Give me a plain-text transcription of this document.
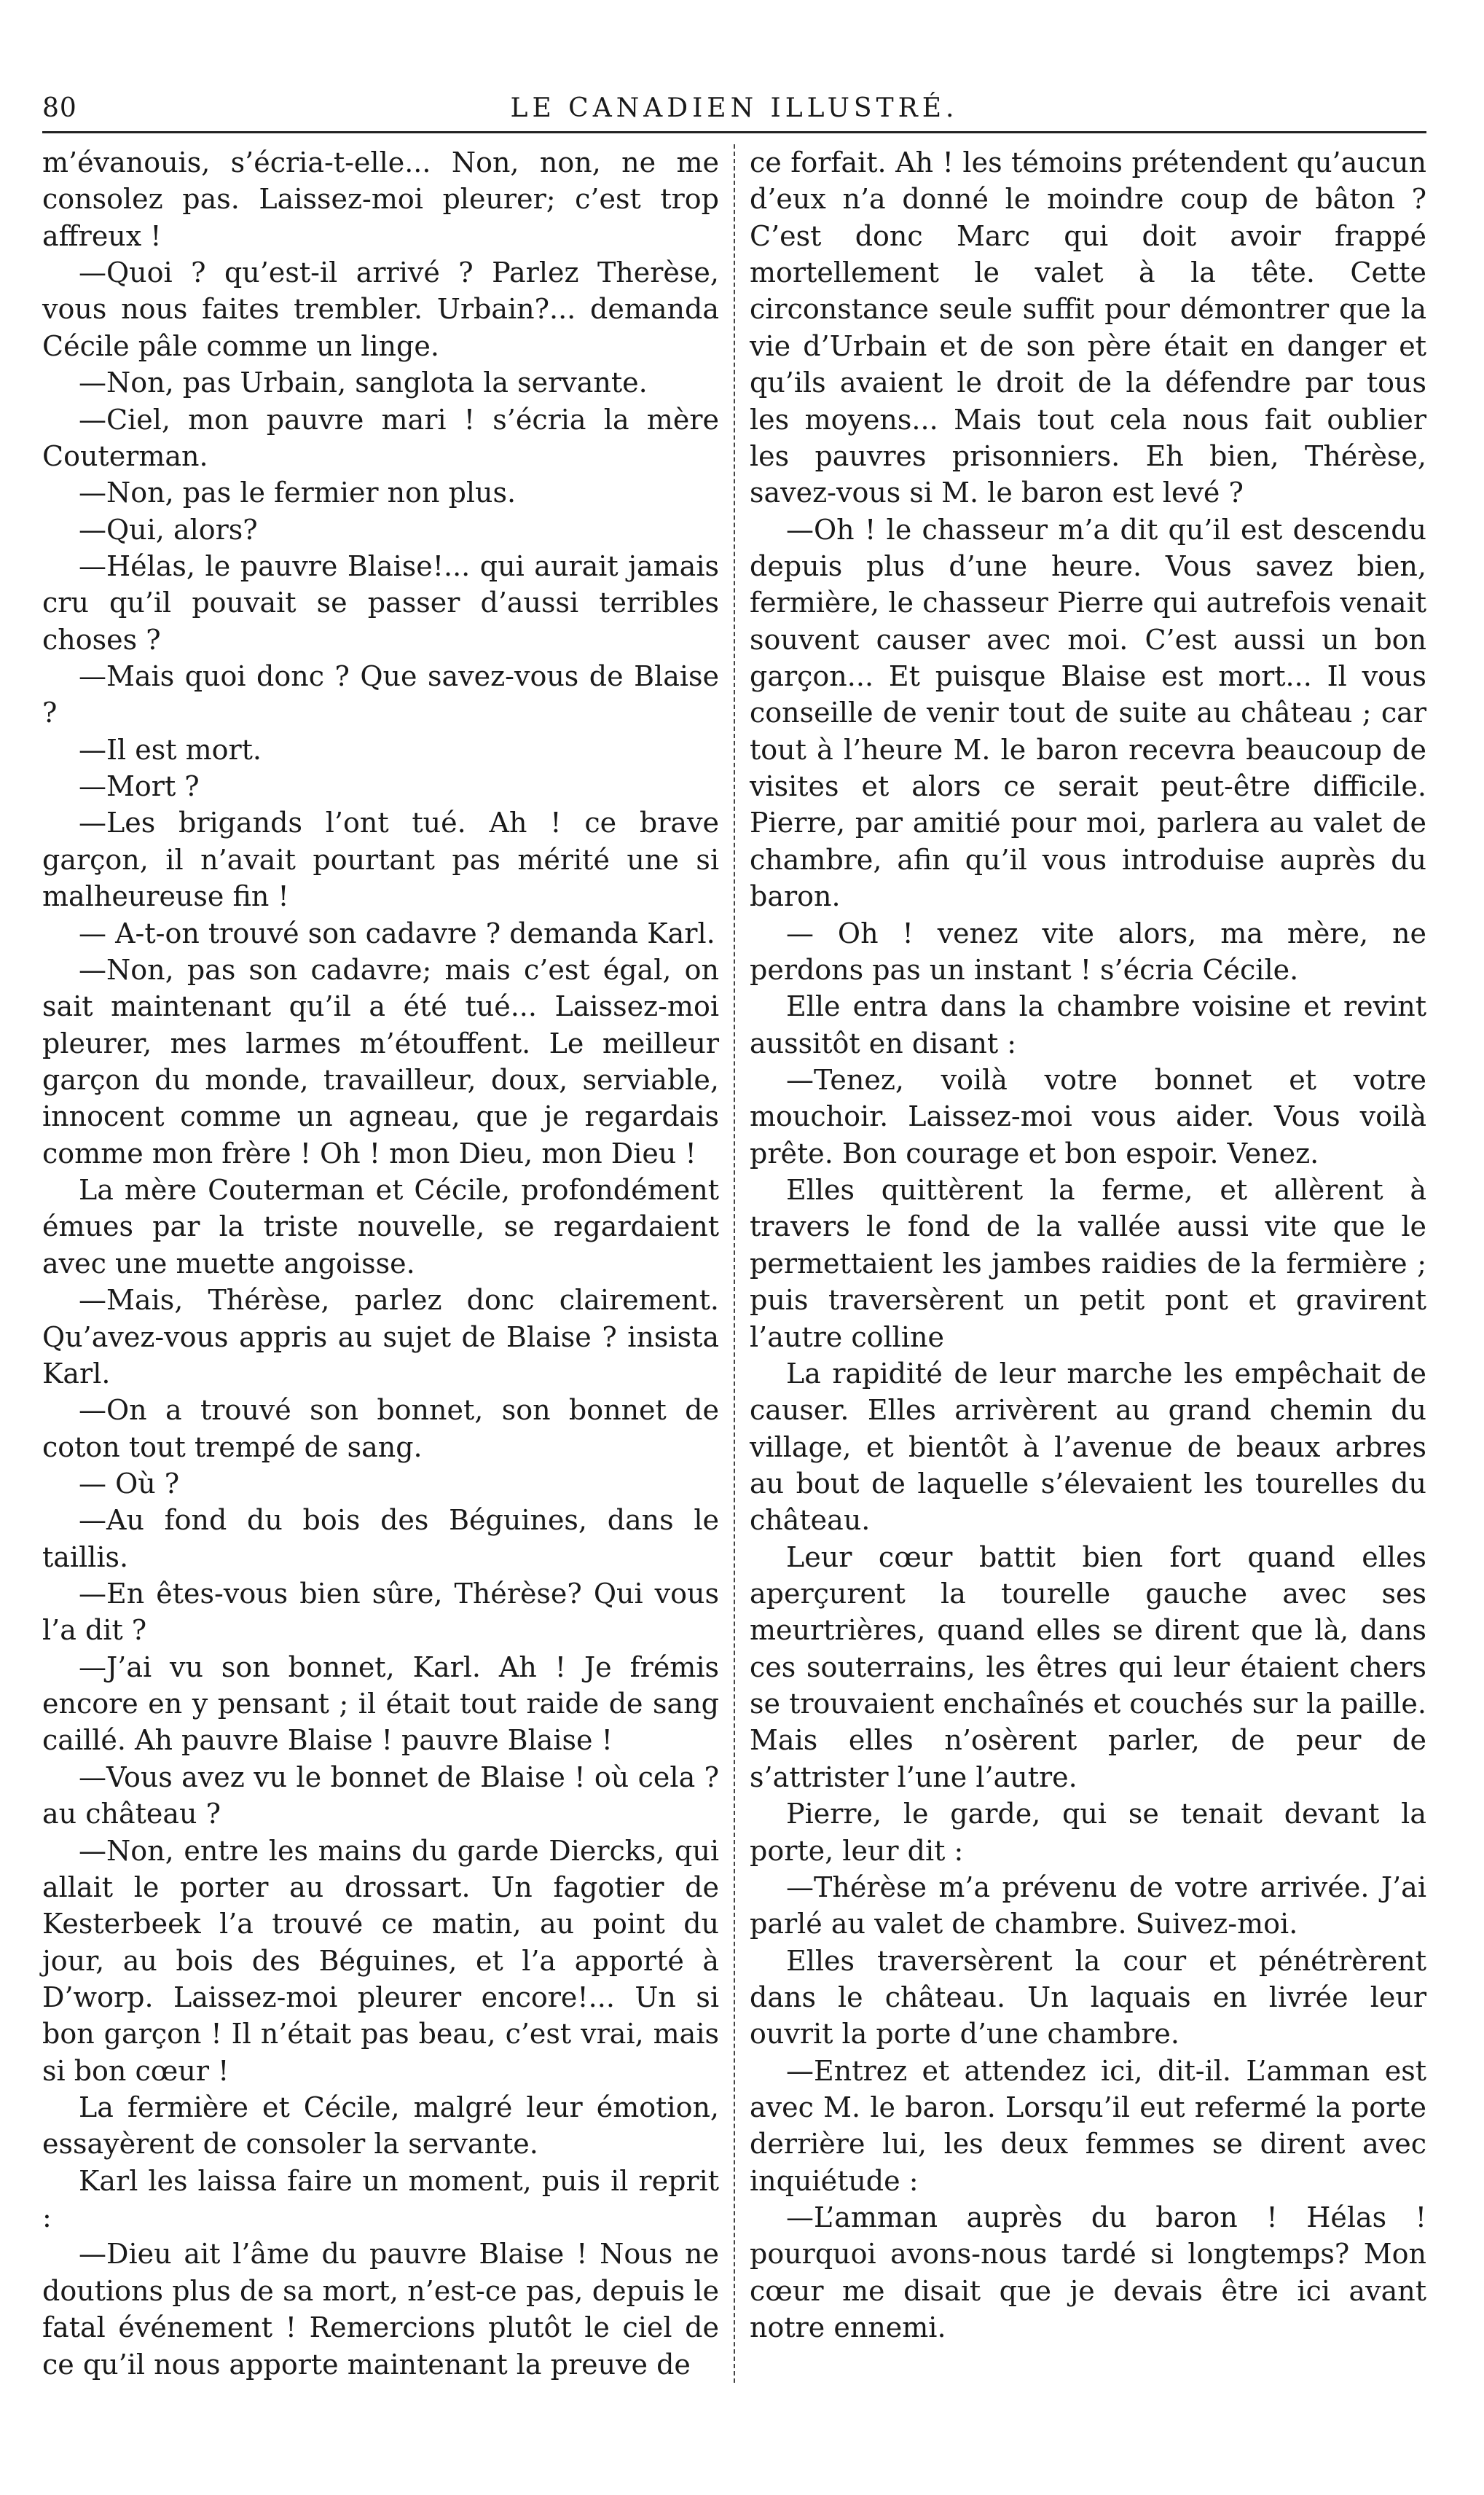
80	LE CANADIEN ILLUSTRÉ.

m’évanouis, s’écria-t-elle... Non, non, ne me consolez pas. Laissez-moi pleurer; c’est trop affreux !

—Quoi ? qu’est-il arrivé ? Parlez Therèse, vous nous faites trembler. Urbain?... demanda Cécile pâle comme un linge.

—Non, pas Urbain, sanglota la servante.

—Ciel, mon pauvre mari ! s’écria la mère Couterman.

—Non, pas le fermier non plus.

—Qui, alors?

—Hélas, le pauvre Blaise!... qui aurait jamais cru qu’il pouvait se passer d’aussi terribles choses ?

—Mais quoi donc ? Que savez-vous de Blaise ?

—Il est mort.

—Mort ?

—Les brigands l’ont tué. Ah ! ce brave garçon, il n’avait pourtant pas mérité une si malheureuse fin !

— A-t-on trouvé son cadavre ? demanda Karl.

—Non, pas son cadavre; mais c’est égal, on sait maintenant qu’il a été tué... Laissez-moi pleurer, mes larmes m’étouffent. Le meilleur garçon du monde, travailleur, doux, serviable, innocent comme un agneau, que je regardais comme mon frère ! Oh ! mon Dieu, mon Dieu !

La mère Couterman et Cécile, profondément émues par la triste nouvelle, se regardaient avec une muette angoisse.

—Mais, Thérèse, parlez donc clairement. Qu’avez-vous appris au sujet de Blaise ? insista Karl.

—On a trouvé son bonnet, son bonnet de coton tout trempé de sang.

— Où ?

—Au fond du bois des Béguines, dans le taillis.

—En êtes-vous bien sûre, Thérèse? Qui vous l’a dit ?

—J’ai vu son bonnet, Karl. Ah ! Je frémis encore en y pensant ; il était tout raide de sang caillé. Ah pauvre Blaise ! pauvre Blaise !

—Vous avez vu le bonnet de Blaise ! où cela ? au château ?

—Non, entre les mains du garde Diercks, qui allait le porter au drossart. Un fagotier de Kesterbeek l’a trouvé ce matin, au point du jour, au bois des Béguines, et l’a apporté à D’worp. Laissez-moi pleurer encore!... Un si bon garçon ! Il n’était pas beau, c’est vrai, mais si bon cœur !

La fermière et Cécile, malgré leur émotion, essayèrent de consoler la servante.

Karl les laissa faire un moment, puis il reprit :

—Dieu ait l’âme du pauvre Blaise ! Nous ne doutions plus de sa mort, n’est-ce pas, depuis le fatal événement ! Remercions plutôt le ciel de ce qu’il nous apporte maintenant la preuve de

ce forfait. Ah ! les témoins prétendent qu’aucun d’eux n’a donné le moindre coup de bâton ? C’est donc Marc qui doit avoir frappé mortellement le valet à la tête. Cette circonstance seule suffit pour démontrer que la vie d’Urbain et de son père était en danger et qu’ils avaient le droit de la défendre par tous les moyens... Mais tout cela nous fait oublier les pauvres prisonniers. Eh bien, Thérèse, savez-vous si M. le baron est levé ?

—Oh ! le chasseur m’a dit qu’il est descendu depuis plus d’une heure. Vous savez bien, fermière, le chasseur Pierre qui autrefois venait souvent causer avec moi. C’est aussi un bon garçon... Et puisque Blaise est mort... Il vous conseille de venir tout de suite au château ; car tout à l’heure M. le baron recevra beaucoup de visites et alors ce serait peut-être difficile. Pierre, par amitié pour moi, parlera au valet de chambre, afin qu’il vous introduise auprès du baron.

— Oh ! venez vite alors, ma mère, ne perdons pas un instant ! s’écria Cécile.

Elle entra dans la chambre voisine et revint aussitôt en disant :

—Tenez, voilà votre bonnet et votre mouchoir. Laissez-moi vous aider. Vous voilà prête. Bon courage et bon espoir. Venez.

Elles quittèrent la ferme, et allèrent à travers le fond de la vallée aussi vite que le permettaient les jambes raidies de la fermière ; puis traversèrent un petit pont et gravirent l’autre colline

La rapidité de leur marche les empêchait de causer. Elles arrivèrent au grand chemin du village, et bientôt à l’avenue de beaux arbres au bout de laquelle s’élevaient les tourelles du château.

Leur cœur battit bien fort quand elles aperçurent la tourelle gauche avec ses meurtrières, quand elles se dirent que là, dans ces souterrains, les êtres qui leur étaient chers se trouvaient enchaînés et couchés sur la paille. Mais elles n’osèrent parler, de peur de s’attrister l’une l’autre.

Pierre, le garde, qui se tenait devant la porte, leur dit :

—Thérèse m’a prévenu de votre arrivée. J’ai parlé au valet de chambre. Suivez-moi.

Elles traversèrent la cour et pénétrèrent dans le château. Un laquais en livrée leur ouvrit la porte d’une chambre.

—Entrez et attendez ici, dit-il. L’amman est avec M. le baron. Lorsqu’il eut refermé la porte derrière lui, les deux femmes se dirent avec inquiétude :

—L’amman auprès du baron ! Hélas ! pourquoi avons-nous tardé si longtemps? Mon cœur me disait que je devais être ici avant notre ennemi.
